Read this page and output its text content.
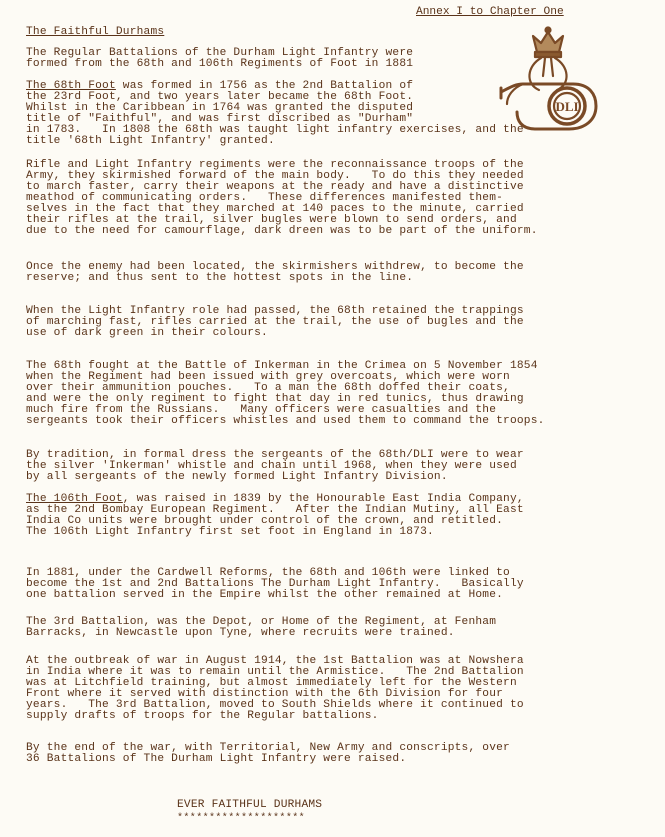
Annex I to Chapter One
The Faithful Durhams
The Regular Battalions of the Durham Light Infantry were
formed from the 68th and 106th Regiments of Foot in 1881
The 68th Foot was formed in 1756 as the 2nd Battalion of
the 23rd Foot, and two years later became the 68th Foot.
Whilst in the Caribbean in 1764 was granted the disputed
title of "Faithful", and was first discribed as "Durham"
in 1783.   In 1808 the 68th was taught light infantry exercises, and the
title '68th Light Infantry' granted.
Rifle and Light Infantry regiments were the reconnaissance troops of the
Army, they skirmished forward of the main body.   To do this they needed
to march faster, carry their weapons at the ready and have a distinctive
meathod of communicating orders.   These differences manifested them-
selves in the fact that they marched at 140 paces to the minute, carried
their rifles at the trail, silver bugles were blown to send orders, and
due to the need for camourflage, dark dreen was to be part of the uniform.
Once the enemy had been located, the skirmishers withdrew, to become the
reserve; and thus sent to the hottest spots in the line.
When the Light Infantry role had passed, the 68th retained the trappings
of marching fast, rifles carried at the trail, the use of bugles and the
use of dark green in their colours.
The 68th fought at the Battle of Inkerman in the Crimea on 5 November 1854
when the Regiment had been issued with grey overcoats, which were worn
over their ammunition pouches.   To a man the 68th doffed their coats,
and were the only regiment to fight that day in red tunics, thus drawing
much fire from the Russians.   Many officers were casualties and the
sergeants took their officers whistles and used them to command the troops.
By tradition, in formal dress the sergeants of the 68th/DLI were to wear
the silver 'Inkerman' whistle and chain until 1968, when they were used
by all sergeants of the newly formed Light Infantry Division.
The 106th Foot, was raised in 1839 by the Honourable East India Company,
as the 2nd Bombay European Regiment.   After the Indian Mutiny, all East
India Co units were brought under control of the crown, and retitled.
The 106th Light Infantry first set foot in England in 1873.
In 1881, under the Cardwell Reforms, the 68th and 106th were linked to
become the 1st and 2nd Battalions The Durham Light Infantry.   Basically
one battalion served in the Empire whilst the other remained at Home.
The 3rd Battalion, was the Depot, or Home of the Regiment, at Fenham
Barracks, in Newcastle upon Tyne, where recruits were trained.
At the outbreak of war in August 1914, the 1st Battalion was at Nowshera
in India where it was to remain until the Armistice.   The 2nd Battalion
was at Litchfield training, but almost immediately left for the Western
Front where it served with distinction with the 6th Division for four
years.   The 3rd Battalion, moved to South Shields where it continued to
supply drafts of troops for the Regular battalions.
By the end of the war, with Territorial, New Army and conscripts, over
36 Battalions of The Durham Light Infantry were raised.
EVER FAITHFUL DURHAMS
********************
DLI
